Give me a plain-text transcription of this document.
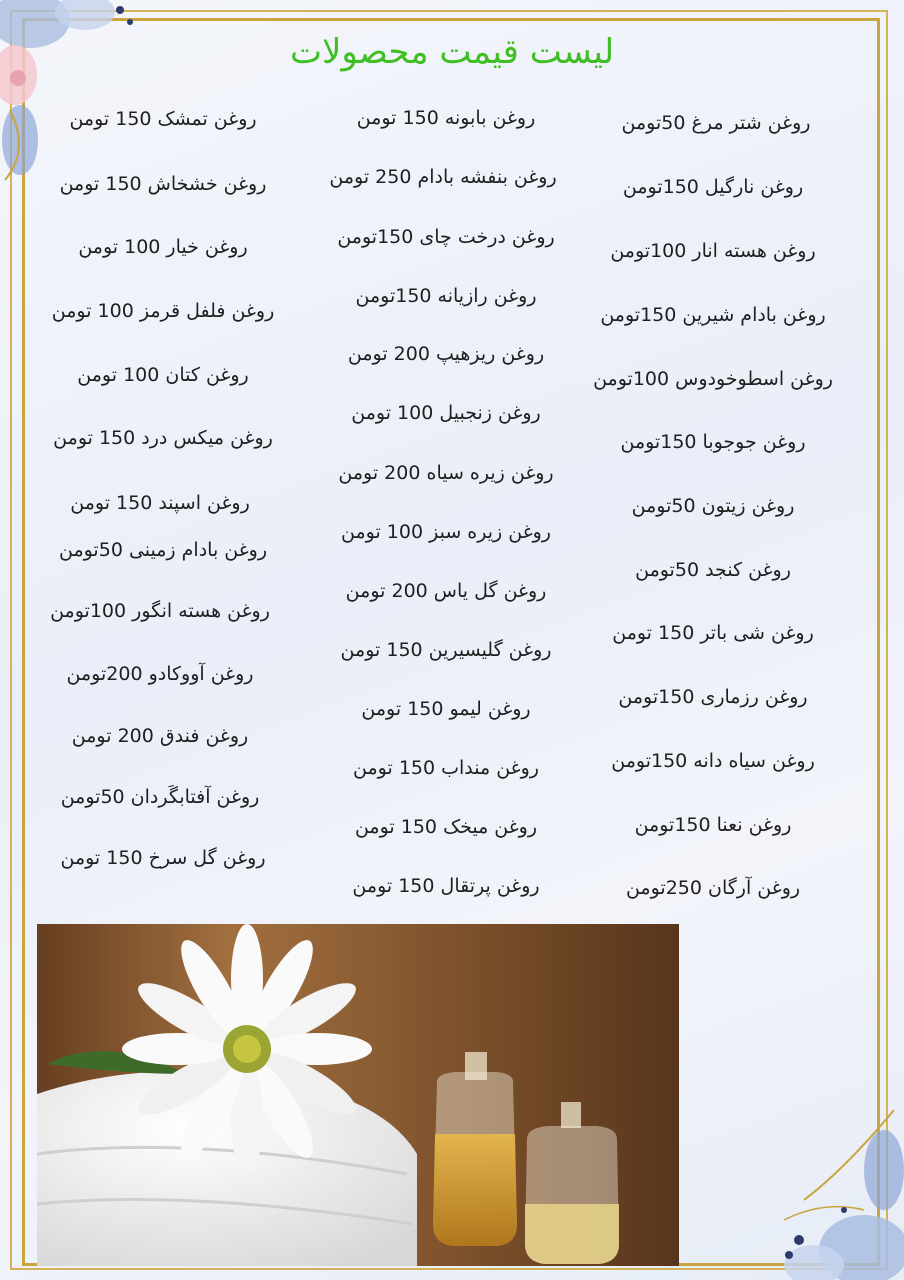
لیست قیمت محصولات
روغن تمشک 150 تومن
روغن خشخاش 150 تومن
روغن خیار 100 تومن
روغن فلفل قرمز 100 تومن
روغن کتان 100 تومن
روغن میکس درد 150 تومن
روغن اسپند 150 تومن
روغن بادام زمینی 50تومن
روغن هسته انگور 100تومن
روغن آووکادو 200تومن
روغن فندق 200 تومن
روغن آفتابگَردان 50تومن
روغن گل سرخ 150 تومن
روغن بابونه 150 تومن
روغن بنفشه بادام 250 تومن
روغن درخت چای 150تومن
روغن رازیانه 150تومن
روغن ریزهیپ 200 تومن
روغن زنجبیل 100 تومن
روغن زیره سیاه 200 تومن
روغن زیره سبز 100 تومن
روغن گل یاس 200 تومن
روغن گلیسیرین 150 تومن
روغن لیمو 150 تومن
روغن منداب 150 تومن
روغن میخک 150 تومن
روغن پرتقال 150 تومن
روغن شتر مرغ 50تومن
روغن نارگیل 150تومن
روغن هسته انار 100تومن
روغن بادام شیرین 150تومن
روغن اسطوخودوس 100تومن
روغن جوجوبا 150تومن
روغن زیتون 50تومن
روغن کنجد 50تومن
روغن شی باتر 150 تومن
روغن رزماری 150تومن
روغن سیاه دانه 150تومن
روغن نعنا 150تومن
روغن آرگان 250تومن
